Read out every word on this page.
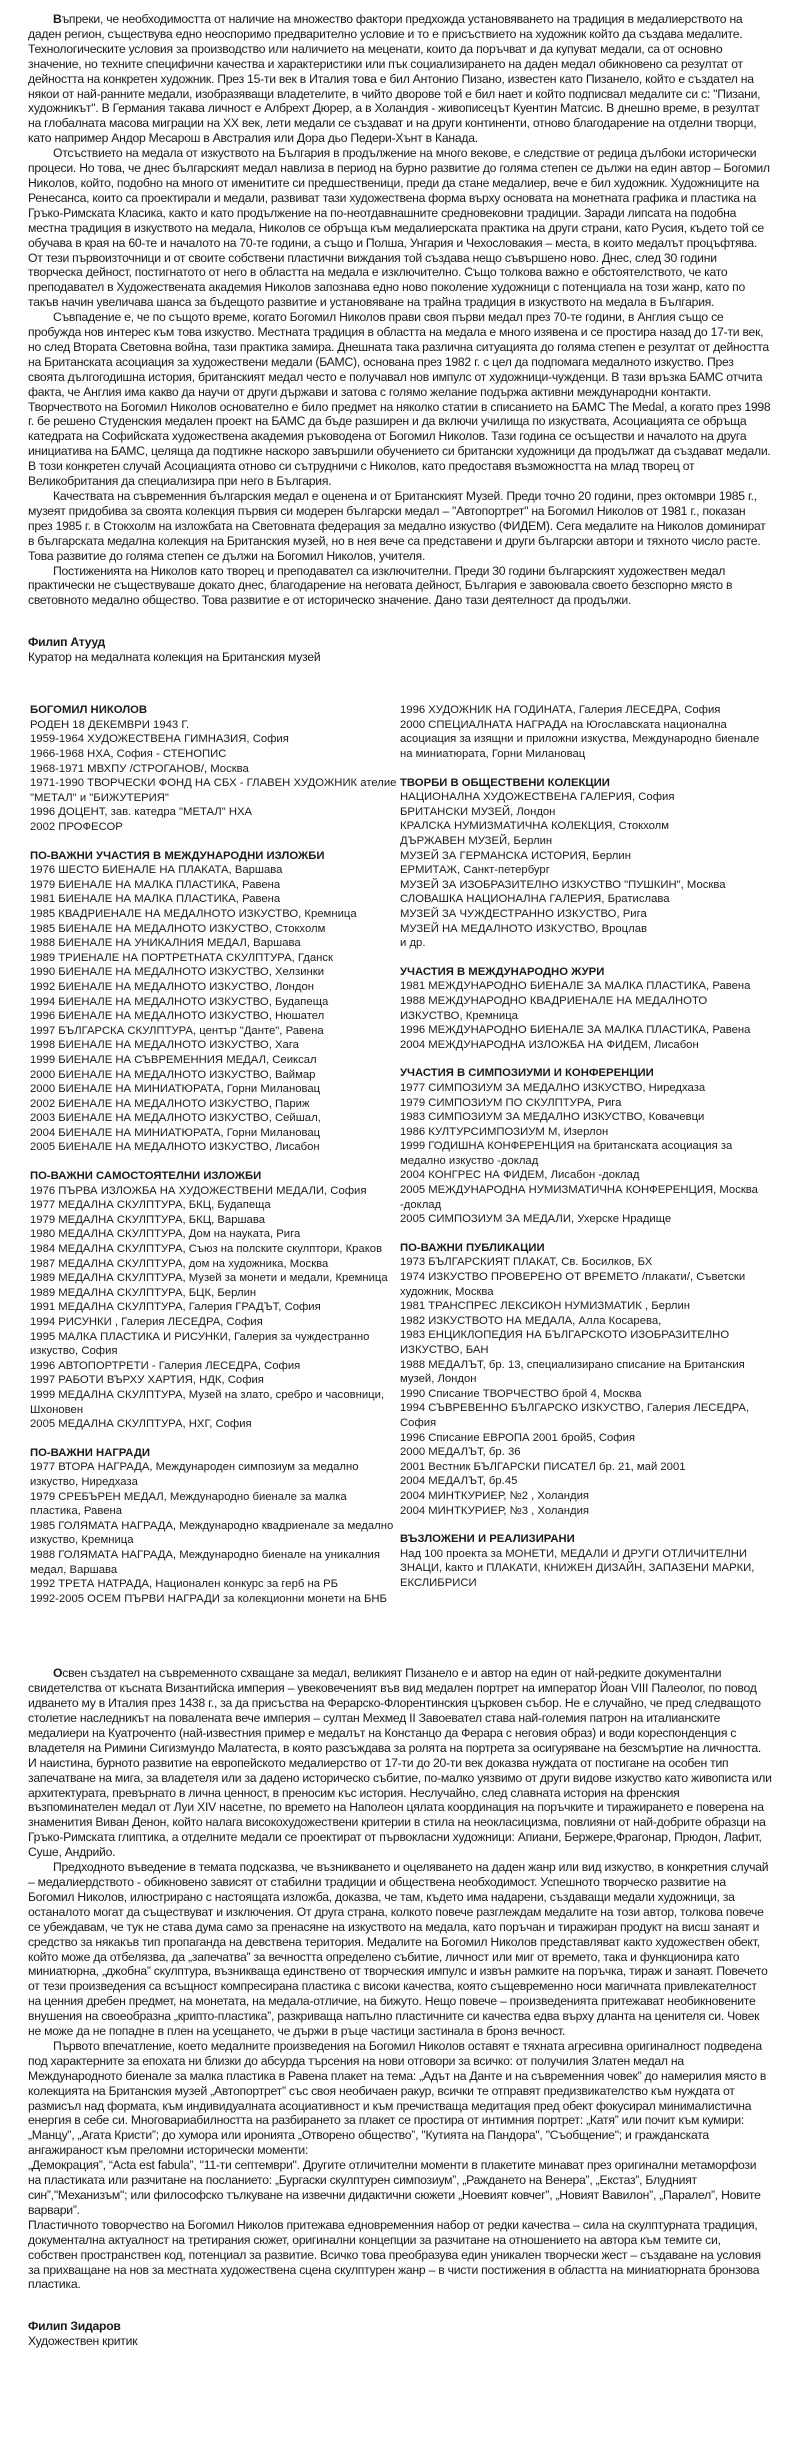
Въпреки, че необходимостта от наличие на множество фактори предхожда установяването на традиция в медалиерството на даден регион, съществува едно неоспоримо предварително условие и то е присъствието на художник който да създава медалите. Технологическите условия за производство или наличието на меценати, които да поръчват и да купуват медали, са от основно значение, но техните специфични качества и характеристики или пък социализирането на даден медал обикновено са резултат от дейността на конкретен художник. През 15-ти век в Италия това е бил Антонио Пизано, известен като Пизанело, който е създател на някои от най-ранните медали, изобразяващи владетелите, в чийто дворове той е бил нает и който подписвал медалите си с: "Пизани, художникът". В Германия такава личност е Албрехт Дюрер, а в Холандия - живописецът Куентин Матсис. В днешно време, в резултат на глобалната масова миграции на ХХ век, лети медали се създават и на други континенти, отново благодарение на отделни творци, като например Андор Месарош в Австралия или Дора дьо Педери-Хънт в Канада.

Отсъствието на медала от изкуството на България в продължение на много векове, е следствие от редица дълбоки исторически процеси. Но това, че днес българският медал навлиза в период на бурно развитие до голяма степен се дължи на един автор – Богомил Николов, който, подобно на много от именитите си предшественици, преди да стане медалиер, вече е бил художник. Художниците на Ренесанса, които са проектирали и медали, развиват тази художествена форма върху основата на монетната графика и пластика на Гръко-Римската Класика, както и като продължение на по-неотдавнашните средновековни традиции. Заради липсата на подобна местна традиция в изкуството на медала, Николов се обръща към медалиерската практика на други страни, като Русия, където той се обучава в края на 60-те и началото на 70-те години, а също и Полша, Унгария и Чехословакия – места, в които медалът процъфтява. От тези първоизточници и от своите собствени пластични виждания той създава нещо съвършено ново. Днес, след 30 години творческа дейност, постигнатото от него в областта на медала е изключително. Също толкова важно е обстоятелството, че като преподавател в Художествената академия Николов запознава едно ново поколение художници с потенциала на този жанр, като по такъв начин увеличава шанса за бъдещото развитие и установяване на трайна традиция в изкуството на медала в България.

Съвпадение е, че по същото време, когато Богомил Николов прави своя първи медал през 70-те години, в Англия също се пробужда нов интерес към това изкуство. Местната традиция в областта на медала е много изявена и се простира назад до 17-ти век, но след Втората Световна война, тази практика замира. Днешната така различна ситуацията до голяма степен е резултат от дейността на Британската асоциация за художествени медали (БАМС), основана през 1982 г. с цел да подпомага медалното изкуство. През своята дългогодишна история, британският медал често е получавал нов импулс от художници-чужденци. В тази връзка БАМС отчита факта, че Англия има какво да научи от други държави и затова с голямо желание подържа активни международни контакти. Творчеството на Богомил Николов основателно е било предмет на няколко статии в списанието на БАМС The Medal, а когато през 1998 г. бе решено Студенския медален проект на БАМС да бъде разширен и да включи училища по изкуствата, Асоциацията се обръща катедрата на Софийската художествена академия ръководена от Богомил Николов. Тази година се осъществи и началото на друга инициатива на БАМС, целяща да подтикне наскоро завършили обучението си британски художници да продължат да създават медали. В този конкретен случай Асоциацията отново си сътрудничи с Николов, като предоставя възможността на млад творец от Великобритания да специализира при него в България.

Качествата на съвременния българския медал е оценена и от Британският Музей. Преди точно 20 години, през октомври 1985 г., музеят придобива за своята колекция първия си модерен български медал – "Автопортрет" на Богомил Николов от 1981 г., показан през 1985 г. в Стокхолм на изложбата на Световната федерация за медално изкуство (ФИДЕМ). Сега медалите на Николов доминират в българската медална колекция на Британския музей, но в нея вече са представени и други български автори и тяхното число расте. Това развитие до голяма степен се дължи на Богомил Николов, учителя.

Постиженията на Николов като творец и преподавател са изключителни. Преди 30 години българският художествен медал практически не съществуваше докато днес, благодарение на неговата дейност, България е завоювала своето безспорно място в световното медално общество. Това развитие е от историческо значение. Дано тази деятелност да продължи.

Филип Атууд
Куратор на медалната колекция на Британския музей
БОГОМИЛ НИКОЛОВ
РОДЕН 18 ДЕКЕМВРИ 1943 Г.
1959-1964 ХУДОЖЕСТВЕНА ГИМНАЗИЯ, София
1966-1968 НХА, София - СТЕНОПИС
1968-1971 МВХПУ /СТРОГАНОВ/, Москва
1971-1990 ТВОРЧЕСКИ ФОНД НА СБХ - ГЛАВЕН ХУДОЖНИК ателие "МЕТАЛ" и "БИЖУТЕРИЯ"
1996 ДОЦЕНТ, зав. катедра "МЕТАЛ" НХА
2002 ПРОФЕСОР
ПО-ВАЖНИ УЧАСТИЯ В МЕЖДУНАРОДНИ ИЗЛОЖБИ
1976 ШЕСТО БИЕНАЛЕ НА ПЛАКАТА, Варшава
1979 БИЕНАЛЕ НА МАЛКА ПЛАСТИКА, Равена
1981 БИЕНАЛЕ НА МАЛКА ПЛАСТИКА, Равена
1985 КВАДРИЕНАЛЕ НА МЕДАЛНОТО ИЗКУСТВО, Кремница
1985 БИЕНАЛЕ НА МЕДАЛНОТО ИЗКУСТВО, Стокхолм
1988 БИЕНАЛЕ НА УНИКАЛНИЯ МЕДАЛ, Варшава
1989 ТРИЕНАЛЕ НА ПОРТРЕТНАТА СКУЛПТУРА, Гданск
1990 БИЕНАЛЕ НА МЕДАЛНОТО ИЗКУСТВО, Хелзинки
1992 БИЕНАЛЕ НА МЕДАЛНОТО ИЗКУСТВО, Лондон
1994 БИЕНАЛЕ НА МЕДАЛНОТО ИЗКУСТВО, Будапеща
1996 БИЕНАЛЕ НА МЕДАЛНОТО ИЗКУСТВО, Нюшател
1997 БЪЛГАРСКА СКУЛПТУРА, център "Данте", Равена
1998 БИЕНАЛЕ НА МЕДАЛНОТО ИЗКУСТВО, Хага
1999 БИЕНАЛЕ НА СЪВРЕМЕННИЯ МЕДАЛ, Сеиксал
2000 БИЕНАЛЕ НА МЕДАЛНОТО ИЗКУСТВО, Ваймар
2000 БИЕНАЛЕ НА МИНИАТЮРАТА, Горни Милановац
2002 БИЕНАЛЕ НА МЕДАЛНОТО ИЗКУСТВО, Париж
2003 БИЕНАЛЕ НА МЕДАЛНОТО ИЗКУСТВО, Сейшал,
2004 БИЕНАЛЕ НА МИНИАТЮРАТА, Горни Милановац
2005 БИЕНАЛЕ НА МЕДАЛНОТО ИЗКУСТВО, Лисабон
ПО-ВАЖНИ САМОСТОЯТЕЛНИ ИЗЛОЖБИ
1976 ПЪРВА ИЗЛОЖБА НА ХУДОЖЕСТВЕНИ МЕДАЛИ, София
1977 МЕДАЛНА СКУЛПТУРА, БКЦ, Будапеща
1979 МЕДАЛНА СКУЛПТУРА, БКЦ, Варшава
1980 МЕДАЛНА СКУЛПТУРА, Дом на науката, Рига
1984 МЕДАЛНА СКУЛПТУРА, Съюз на полските скулптори, Краков
1987 МЕДАЛНА СКУЛПТУРА, дом на художника, Москва
1989 МЕДАЛНА СКУЛПТУРА, Музей за монети и медали, Кремница
1989 МЕДАЛНА СКУЛПТУРА, БЦК, Берлин
1991 МЕДАЛНА СКУЛПТУРА, Галерия ГРАДЪТ, София
1994 РИСУНКИ , Галерия ЛЕСЕДРА, София
1995 МАЛКА ПЛАСТИКА И РИСУНКИ, Галерия за чуждестранно изкуство, София
1996 АВТОПОРТРЕТИ - Галерия ЛЕСЕДРА, София
1997 РАБОТИ ВЪРХУ ХАРТИЯ, НДК, София
1999 МЕДАЛНА СКУЛПТУРА, Музей на злато, сребро и часовници, Шхоновен
2005 МЕДАЛНА СКУЛПТУРА, НХГ, София
ПО-ВАЖНИ НАГРАДИ
1977 ВТОРА НАГРАДА, Международен симпозиум за медално изкуство, Ниредхаза
1979 СРЕБЪРЕН МЕДАЛ, Международно биенале за малка пластика, Равена
1985 ГОЛЯМАТА НАГРАДА, Международно квадриенале за медално изкуство, Кремница
1988 ГОЛЯМАТА НАГРАДА, Международно биенале на уникалния медал, Варшава
1992 ТРЕТА НАТРАДА, Национален конкурс за герб на РБ
1992-2005 ОСЕМ ПЪРВИ НАГРАДИ за колекционни монети на БНБ
1996 ХУДОЖНИК НА ГОДИНАТА, Галерия ЛЕСЕДРА, София
2000 СПЕЦИАЛНАТА НАГРАДА на Югославската национална асоциация за изящни и приложни изкуства, Международно биенале на миниатюрата, Горни Милановац
ТВОРБИ В ОБЩЕСТВЕНИ КОЛЕКЦИИ
НАЦИОНАЛНА ХУДОЖЕСТВЕНА ГАЛЕРИЯ, София
БРИТАНСКИ МУЗЕЙ, Лондон
КРАЛСКА НУМИЗМАТИЧНА КОЛЕКЦИЯ, Стокхолм
ДЪРЖАВЕН МУЗЕЙ, Берлин
МУЗЕЙ ЗА ГЕРМАНСКА ИСТОРИЯ, Берлин
ЕРМИТАЖ, Санкт-петербург
МУЗЕЙ ЗА ИЗОБРАЗИТЕЛНО ИЗКУСТВО "ПУШКИН", Москва
СЛОВАШКА НАЦИОНАЛНА ГАЛЕРИЯ, Братислава
МУЗЕЙ ЗА ЧУЖДЕСТРАННО ИЗКУСТВО, Рига
МУЗЕЙ НА МЕДАЛНОТО ИЗКУСТВО, Вроцлав
и др.
УЧАСТИЯ В МЕЖДУНАРОДНО ЖУРИ
1981 МЕЖДУНАРОДНО БИЕНАЛЕ ЗА МАЛКА ПЛАСТИКА, Равена
1988 МЕЖДУНАРОДНО КВАДРИЕНАЛЕ НА МЕДАЛНОТО ИЗКУСТВО, Кремница
1996 МЕЖДУНАРОДНО БИЕНАЛЕ ЗА МАЛКА ПЛАСТИКА, Равена
2004 МЕЖДУНАРОДНА ИЗЛОЖБА НА ФИДЕМ, Лисабон
УЧАСТИЯ В СИМПОЗИУМИ И КОНФЕРЕНЦИИ
1977 СИМПОЗИУМ ЗА МЕДАЛНО ИЗКУСТВО, Ниредхаза
1979 СИМПОЗИУМ ПО СКУЛПТУРА, Рига
1983 СИМПОЗИУМ ЗА МЕДАЛНО ИЗКУСТВО, Ковачевци
1986 КУЛТУРСИМПОЗИУМ М, Изерлон
1999 ГОДИШНА КОНФЕРЕНЦИЯ на британската асоциация за медално изкуство -доклад
2004 КОНГРЕС НА ФИДЕМ, Лисабон -доклад
2005 МЕЖДУНАРОДНА НУМИЗМАТИЧНА КОНФЕРЕНЦИЯ, Москва -доклад
2005 СИМПОЗИУМ ЗА МЕДАЛИ, Ухерске Нрадище
ПО-ВАЖНИ ПУБЛИКАЦИИ
1973 БЪЛГАРСКИЯТ ПЛАКАТ, Св. Босилков, БХ
1974 ИЗКУСТВО ПРОВЕРЕНО ОТ ВРЕМЕТО /плакати/, Съветски художник, Москва
1981 ТРАНСПРЕС ЛЕКСИКОН НУМИЗМАТИК , Берлин
1982 ИЗКУСТВОТО НА МЕДАЛА, Алла Косарева,
1983 ЕНЦИКЛОПЕДИЯ НА БЪЛГАРСКОТО ИЗОБРАЗИТЕЛНО ИЗКУСТВО, БАН
1988 МЕДАЛЪТ, бр. 13, специализирано списание на Британския музей, Лондон
1990 Списание ТВОРЧЕСТВО брой 4, Москва
1994 СЪВРЕВЕННО БЪЛГАРСКО ИЗКУСТВО, Галерия ЛЕСЕДРА, София
1996 Списание ЕВРОПА 2001 брой5, София
2000 МЕДАЛЪТ, бр. 36
2001 Вестник БЪЛГАРСКИ ПИСАТЕЛ бр. 21, май 2001
2004 МЕДАЛЪТ, бр.45
2004 МИНТКУРИЕР, №2 , Холандия
2004 МИНТКУРИЕР, №3 , Холандия
ВЪЗЛОЖЕНИ И РЕАЛИЗИРАНИ
Над 100 проекта за МОНЕТИ, МЕДАЛИ И ДРУГИ ОТЛИЧИТЕЛНИ ЗНАЦИ, kакто и ПЛАКАТИ, КНИЖЕН ДИЗАЙН, ЗАПАЗЕНИ МАРКИ, ЕКСЛИБРИСИ

Освен създател на съвременното схващане за медал, великият Пизанело е и автор на един от най-редките документални свидетелства от късната Византийска империя – увековеченият във вид медален портрет на император Йоан VIII Палеолог, по повод идването му в Италия през 1438 г., за да присъства на Ферарско-Флорентинския църковен събор. Не е случайно, че пред следващото столетие наследникът на повалената вече империя – султан Мехмед II Завоевател става най-големия патрон на италианските медалиери на Куатроченто (най-известния пример е медалът на Констанцо да Ферара с неговия образ) и води кореспонденция с владетеля на Римини Сигизмундо Малатеста, в която разсъждава за ролята на портрета за осигуряване на безсмъртие на личността. И наистина, бурното развитие на европейското медалиерство от 17-ти до 20-ти век доказва нуждата от постигане на особен тип запечатване на мига, за владетеля или за дадено историческо събитие, по-малко уязвимо от други видове изкуство като живописта или архитектурата, превърнато в лична ценност, в преносим къс история. Неслучайно, след славната история на френския възпоминателен медал от Луи XIV насетне, по времето на Наполеон цялата координация на поръчките и тиражирането е поверена на знаменития Виван Денон, който налага висoкохудожествени критерии в стила на неокласицизма, повлияни от най-добрите образци на Гръко-Римската глиптика, а отделните медали се проектират от първокласни художници: Апиани, Бержере,Фрагонар, Прюдон, Лафит, Суше, Андрийо.

Предходното въведение в темата подсказва, че възникването и оцеляването на даден жанр или вид изкуство, в конкретния случай – медалиердството - обикновено зависят от стабилни традиции и обществена необходимост. Успешното творческо развитие на Богомил Николов, илюстрирано с настоящата изложба, доказва, че там, където има надарени, създаващи медали художници, за останалото могат да съществуват и изключения. От друга страна, колкото повече разглеждам медалите на този автор, толкова повече се убеждавам, че тук не става дума само за пренасяне на изкуството на медала, като поръчан и тиражиран продукт на висш занаят и средство за някакъв тип пропаганда на девствена територия. Медалите на Богомил Николов представляват както художествен обект, който може да отбелязва, да „запечатва” за вечността определено събитие, личност или миг от времето, така и функционира като миниатюрна, „джобна” скулптура, възникваща единствено от творческия импулс и извън рамките на поръчка, тираж и занаят. Повечето от тези произведения са всъщност компресирана пластика с високи качества, която същевременно носи магичната привлекателност на ценния дребен предмет, на монетата, на медала-отличие, на бижуто. Нещо повече – произведенията притежават необикновените внушения на своеобразна „крипто-пластика”, разкриваща напълно пластичните си качества едва върху дланта на ценителя си. Човек не може да не попадне в плен на усещането, че държи в ръце частици застинала в бронз вечност.

Първото впечатление, което медалните произведения на Богомил Николов оставят е тяхната агресивна оригиналност подведена под характерните за епохата ни близки до абсурда търсения на нови отговори за всичко: от получилия Златен медал на Международното биенале за малка пластика в Равена плакет на тема: „Адът на Данте и на съвременния човек” до намерилия място в колекцията на Британския музей „Автопортрет” със своя необичаен ракур, всички те отправят предизвикателство към нуждата от размисъл над формата, към индивидуалната асоциативност и към пречистваща медитация пред обект фокусирал минималистична енергия в себе си. Многовариабилността на разбирането за плакет се простира от интимния портрет: „Катя” или почит към кумири: „Манцу”, „Агата Кристи”; до хумора или иронията „Отворено общество”, "Кутията на Пандора", "Съобщение"; и гражданската ангажираност към преломни исторически моменти:

„Демокрация”, “Acta est fabula”, "11-ти септември". Другите отличителни моменти в плакетите минават през оригинални метаморфози на пластиката или разчитане на посланието: „Бургаски скулптурен симпозиум”, „Раждането на Венера”, „Екстаз”, Блудният син”,"Механизъм"; или философско тълкуване на извечни дидактични сюжети „Ноевият ковчег”, „Новият Вавилон”, „Паралел”, Новите варвари”.

Пластичното товорчество на Богомил Николов притежава едновременния набор от редки качества – сила на скулптурната традиция, документална актуалност на третирания сюжет, оригинални концепции за разчитане на отношението на автора към темите си, собствен пространствен код, потенциал за развитие. Всичко това преобразува един уникален творчески жест – създаване на условия за прихващане на нов за местната художествена сцена скулптурен жанр – в чисти постижения в областта на миниатюрната бронзова пластика.

Филип Зидаров
Художествен критик
